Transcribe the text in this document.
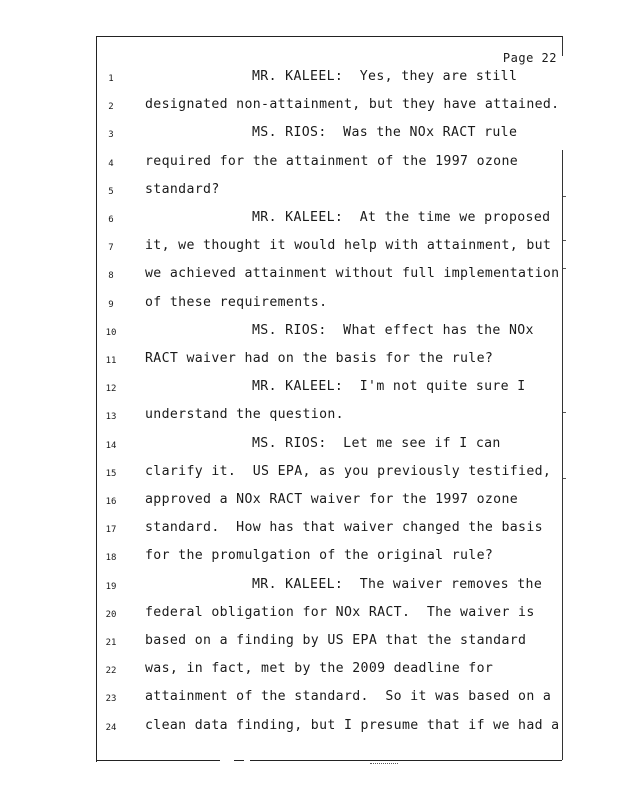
Page 22
1	MR. KALEEL:  Yes, they are still
2	designated non-attainment, but they have attained.
3	MS. RIOS:  Was the NOx RACT rule
4	required for the attainment of the 1997 ozone
5	standard?
6	MR. KALEEL:  At the time we proposed
7	it, we thought it would help with attainment, but
8	we achieved attainment without full implementation
9	of these requirements.
10	MS. RIOS:  What effect has the NOx
11	RACT waiver had on the basis for the rule?
12	MR. KALEEL:  I'm not quite sure I
13	understand the question.
14	MS. RIOS:  Let me see if I can
15	clarify it.  US EPA, as you previously testified,
16	approved a NOx RACT waiver for the 1997 ozone
17	standard.  How has that waiver changed the basis
18	for the promulgation of the original rule?
19	MR. KALEEL:  The waiver removes the
20	federal obligation for NOx RACT.  The waiver is
21	based on a finding by US EPA that the standard
22	was, in fact, met by the 2009 deadline for
23	attainment of the standard.  So it was based on a
24	clean data finding, but I presume that if we had a
